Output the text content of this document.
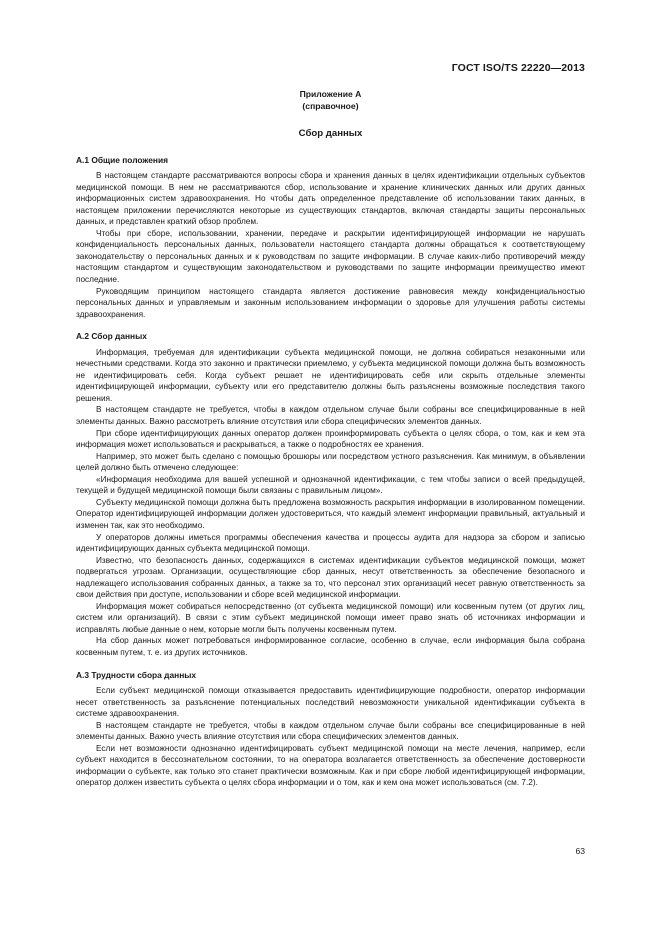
ГОСТ ISO/TS 22220—2013

Приложение А

(справочное)

Сбор данных

А.1 Общие положения

В настоящем стандарте рассматриваются вопросы сбора и хранения данных в целях идентификации отдельных субъектов медицинской помощи. В нем не рассматриваются сбор, использование и хранение клинических данных или других данных информационных систем здравоохранения. Но чтобы дать определенное представление об использовании таких данных, в настоящем приложении перечисляются некоторые из существующих стандартов, включая стандарты защиты персональных данных, и представлен краткий обзор проблем.

Чтобы при сборе, использовании, хранении, передаче и раскрытии идентифицирующей информации не нарушать конфиденциальность персональных данных, пользователи настоящего стандарта должны обращаться к соответствующему законодательству о персональных данных и к руководствам по защите информации. В случае каких-либо противоречий между настоящим стандартом и существующим законодательством и руководствами по защите информации преимущество имеют последние.

Руководящим принципом настоящего стандарта является достижение равновесия между конфиденциальностью персональных данных и управляемым и законным использованием информации о здоровье для улучшения работы системы здравоохранения.

А.2 Сбор данных

Информация, требуемая для идентификации субъекта медицинской помощи, не должна собираться незаконными или нечестными средствами. Когда это законно и практически приемлемо, у субъекта медицинской помощи должна быть возможность не идентифицировать себя. Когда субъект решает не идентифицировать себя или скрыть отдельные элементы идентифицирующей информации, субъекту или его представителю должны быть разъяснены возможные последствия такого решения.

В настоящем стандарте не требуется, чтобы в каждом отдельном случае были собраны все специфицированные в ней элементы данных. Важно рассмотреть влияние отсутствия или сбора специфических элементов данных.

При сборе идентифицирующих данных оператор должен проинформировать субъекта о целях сбора, о том, как и кем эта информация может использоваться и раскрываться, а также о подробностях ее хранения.

Например, это может быть сделано с помощью брошюры или посредством устного разъяснения. Как минимум, в объявлении целей должно быть отмечено следующее:

«Информация необходима для вашей успешной и однозначной идентификации, с тем чтобы записи о всей предыдущей, текущей и будущей медицинской помощи были связаны с правильным лицом».

Субъекту медицинской помощи должна быть предложена возможность раскрытия информации в изолированном помещении. Оператор идентифицирующей информации должен удостовериться, что каждый элемент информации правильный, актуальный и изменен так, как это необходимо.

У операторов должны иметься программы обеспечения качества и процессы аудита для надзора за сбором и записью идентифицирующих данных субъекта медицинской помощи.

Известно, что безопасность данных, содержащихся в системах идентификации субъектов медицинской помощи, может подвергаться угрозам. Организации, осуществляющие сбор данных, несут ответственность за обеспечение безопасного и надлежащего использования собранных данных, а также за то, что персонал этих организаций несет равную ответственность за свои действия при доступе, использовании и сборе всей медицинской информации.

Информация может собираться непосредственно (от субъекта медицинской помощи) или косвенным путем (от других лиц, систем или организаций). В связи с этим субъект медицинской помощи имеет право знать об источниках информации и исправлять любые данные о нем, которые могли быть получены косвенным путем.

На сбор данных может потребоваться информированное согласие, особенно в случае, если информация была собрана косвенным путем, т. е. из других источников.

А.3 Трудности сбора данных

Если субъект медицинской помощи отказывается предоставить идентифицирующие подробности, оператор информации несет ответственность за разъяснение потенциальных последствий невозможности уникальной идентификации субъекта в системе здравоохранения.

В настоящем стандарте не требуется, чтобы в каждом отдельном случае были собраны все специфицированные в ней элементы данных. Важно учесть влияние отсутствия или сбора специфических элементов данных.

Если нет возможности однозначно идентифицировать субъект медицинской помощи на месте лечения, например, если субъект находится в бессознательном состоянии, то на оператора возлагается ответственность за обеспечение достоверности информации о субъекте, как только это станет практически возможным. Как и при сборе любой идентифицирующей информации, оператор должен известить субъекта о целях сбора информации и о том, как и кем она может использоваться (см. 7.2).

63
